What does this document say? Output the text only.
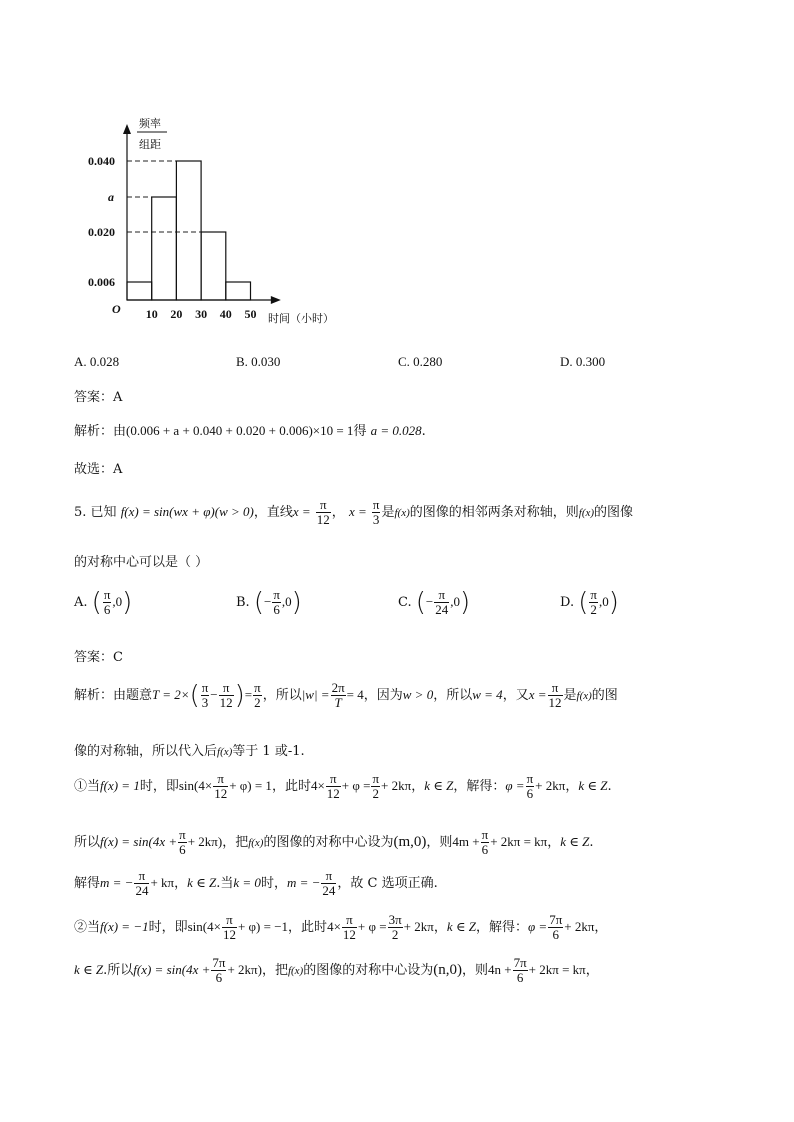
0.040
a
0.020
0.006
O 10 20 30 40 50 时间（小时）
频率
组距
A. 0.028	B. 0.030	C. 0.280	D. 0.300
答案：A
解析：由(0.006 + a + 0.040 + 0.020 + 0.006)×10 = 1得 a = 0.028.
故选：A
5. 已知 f(x) = sin(wx + φ)(w > 0)，直线$x = \frac{\pi}{12}$ ， $x = \frac{\pi}{3}$ 是f(x)的图像的相邻两条对称轴，则f(x)的图像
的对称中心可以是（ ）
A. ( $\frac{\pi}{6} ,0$)	B. (− $\frac{\pi}{6} ,0$)	C. (− $\frac{\pi}{24} ,0$)	D. ( $\frac{\pi}{2} ,0$)
答案：C
解析：由题意$T = 2\times( \frac{\pi}{3} - \frac{\pi}{12}$ )= $\frac{\pi}{2}$ ，所以$|w| = \frac{2\pi}{T} = 4$，因为w > 0，所以w = 4，又$x = \frac{\pi}{12}$ 是f(x)的图
像的对称轴，所以代入后f(x)等于 1 或-1.
①当f(x) = 1时，即$\sin(4\times \frac{\pi}{12} + \varphi) = 1$，此时$4\times \frac{\pi}{12} + \varphi = \frac{\pi}{2} + 2k\pi$，k ∈ Z，解得：$\varphi = \frac{\pi}{6} + 2k\pi$，k ∈ Z.
所以$f(x) = \sin(4x + \frac{\pi}{6} + 2k\pi)$，把f(x)的图像的对称中心设为(m,0)，则$4m + \frac{\pi}{6} + 2k\pi = k\pi$，k ∈ Z.
解得m = − $\frac{\pi}{24} + k\pi$，k ∈ Z.当k = 0时，m = − $\frac{\pi}{24}$ ，故 C 选项正确.
②当f(x) = −1时，即$\sin(4\times \frac{\pi}{12} + \varphi) = -1$，此时$4\times \frac{\pi}{12} + \varphi = \frac{3\pi}{2} + 2k\pi$，k ∈ Z，解得：$\varphi = \frac{7\pi}{6} + 2k\pi$，
k ∈ Z.所以$f(x) = \sin(4x + \frac{7\pi}{6} + 2k\pi)$，把f(x)的图像的对称中心设为(n,0)，则$4n + \frac{7\pi}{6} + 2k\pi = k\pi$，
